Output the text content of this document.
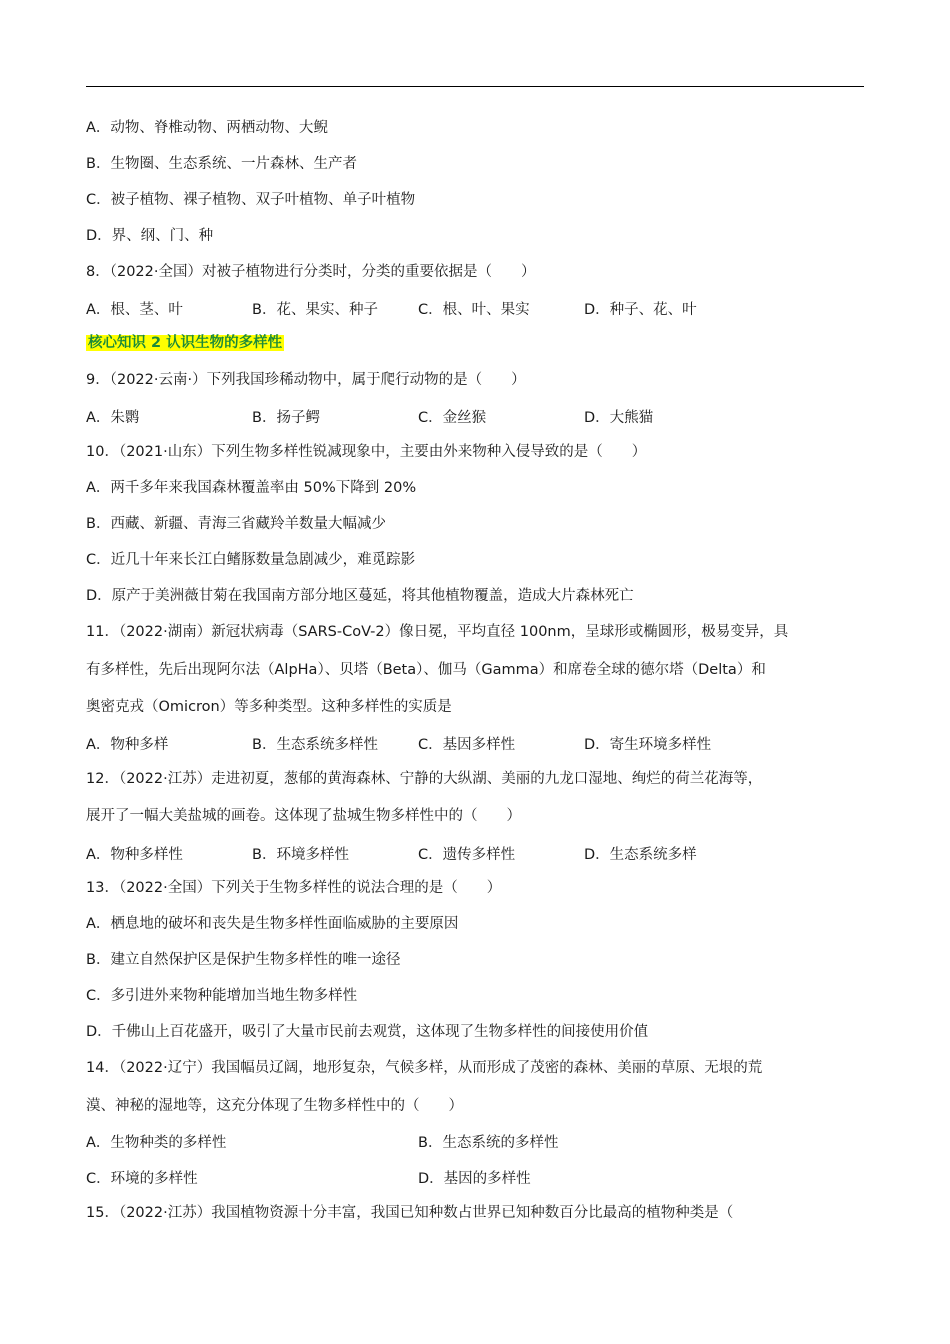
A．动物、脊椎动物、两栖动物、大鲵
B．生物圈、生态系统、一片森林、生产者
C．被子植物、裸子植物、双子叶植物、单子叶植物
D．界、纲、门、种
8．（2022·全国）对被子植物进行分类时，分类的重要依据是（　　）
A．根、茎、叶	B．花、果实、种子	C．根、叶、果实	D．种子、花、叶
核心知识 2 认识生物的多样性
9．（2022·云南·）下列我国珍稀动物中，属于爬行动物的是（　　）
A．朱鹮	B．扬子鳄	C．金丝猴	D．大熊猫
10．（2021·山东）下列生物多样性锐减现象中，主要由外来物种入侵导致的是（　　）
A．两千多年来我国森林覆盖率由 50%下降到 20%
B．西藏、新疆、青海三省藏羚羊数量大幅减少
C．近几十年来长江白鳍豚数量急剧减少，难觅踪影
D．原产于美洲薇甘菊在我国南方部分地区蔓延，将其他植物覆盖，造成大片森林死亡
11．（2022·湖南）新冠状病毒（SARS-CoV-2）像日冕，平均直径 100nm，呈球形或椭圆形，极易变异，具
有多样性，先后出现阿尔法（AlpHa）、贝塔（Beta）、伽马（Gamma）和席卷全球的德尔塔（Delta）和
奥密克戎（Omicron）等多种类型。这种多样性的实质是
A．物种多样	B．生态系统多样性	C．基因多样性	D．寄生环境多样性
12．（2022·江苏）走进初夏，葱郁的黄海森林、宁静的大纵湖、美丽的九龙口湿地、绚烂的荷兰花海等，
展开了一幅大美盐城的画卷。这体现了盐城生物多样性中的（　　）
A．物种多样性	B．环境多样性	C．遗传多样性	D．生态系统多样
13．（2022·全国）下列关于生物多样性的说法合理的是（　　）
A．栖息地的破坏和丧失是生物多样性面临威胁的主要原因
B．建立自然保护区是保护生物多样性的唯一途径
C．多引进外来物种能增加当地生物多样性
D．千佛山上百花盛开，吸引了大量市民前去观赏，这体现了生物多样性的间接使用价值
14．（2022·辽宁）我国幅员辽阔，地形复杂，气候多样，从而形成了茂密的森林、美丽的草原、无垠的荒
漠、神秘的湿地等，这充分体现了生物多样性中的（　　）
A．生物种类的多样性	B．生态系统的多样性
C．环境的多样性	D．基因的多样性
15．（2022·江苏）我国植物资源十分丰富，我国已知种数占世界已知种数百分比最高的植物种类是（
